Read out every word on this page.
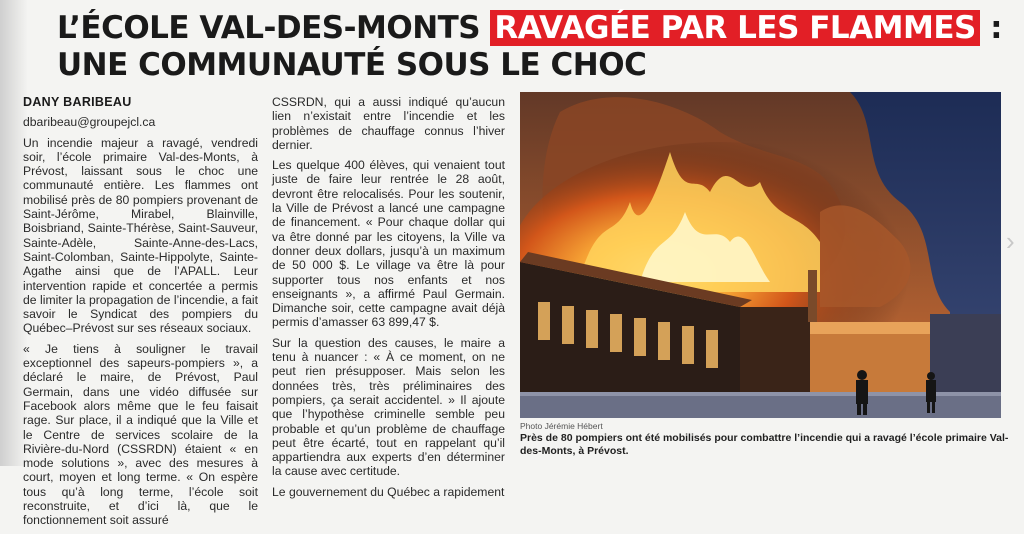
L’ÉCOLE VAL-DES-MONTS RAVAGÉE PAR LES FLAMMES :
UNE COMMUNAUTÉ SOUS LE CHOC

DANY BARIBEAU

dbaribeau@groupejcl.ca

Un incendie majeur a ravagé, vendredi soir, l’école primaire Val-des-Monts, à Prévost, laissant sous le choc une communauté entière. Les flammes ont mobilisé près de 80 pompiers provenant de Saint-Jérôme, Mirabel, Blainville, Boisbriand, Sainte-Thérèse, Saint-Sauveur, Sainte-Adèle, Sainte-Anne-des-Lacs, Saint-Colomban, Sainte-Hippolyte, Sainte-Agathe ainsi que de l’APALL. Leur intervention rapide et concertée a permis de limiter la propagation de l’incendie, a fait savoir le Syndicat des pompiers du Québec–Prévost sur ses réseaux sociaux.

« Je tiens à souligner le travail exceptionnel des sapeurs-pompiers », a déclaré le maire, de Prévost, Paul Germain, dans une vidéo diffusée sur Facebook alors même que le feu faisait rage. Sur place, il a indiqué que la Ville et le Centre de services scolaire de la Rivière-du-Nord (CSSRDN) étaient « en mode solutions », avec des mesures à court, moyen et long terme. « On espère tous qu’à long terme, l’école soit reconstruite, et d’ici là, que le fonctionnement soit assuré

CSSRDN, qui a aussi indiqué qu’aucun lien n’existait entre l’incendie et les problèmes de chauffage connus l’hiver dernier.

Les quelque 400 élèves, qui venaient tout juste de faire leur rentrée le 28 août, devront être relocalisés. Pour les soutenir, la Ville de Prévost a lancé une campagne de financement. « Pour chaque dollar qui va être donné par les citoyens, la Ville va donner deux dollars, jusqu’à un maximum de 50 000 $. Le village va être là pour supporter tous nos enfants et nos enseignants », a affirmé Paul Germain. Dimanche soir, cette campagne avait déjà permis d’amasser 63 899,47 $.

Sur la question des causes, le maire a tenu à nuancer : « À ce moment, on ne peut rien présupposer. Mais selon les données très, très préliminaires des pompiers, ça serait accidentel. » Il ajoute que l’hypothèse criminelle semble peu probable et qu’un problème de chauffage peut être écarté, tout en rappelant qu’il appartiendra aux experts d’en déterminer la cause avec certitude.

Le gouvernement du Québec a rapidement

Photo Jérémie Hébert
Près de 80 pompiers ont été mobilisés pour combattre l’incendie qui a ravagé l’école primaire Val-des-Monts, à Prévost.
›
